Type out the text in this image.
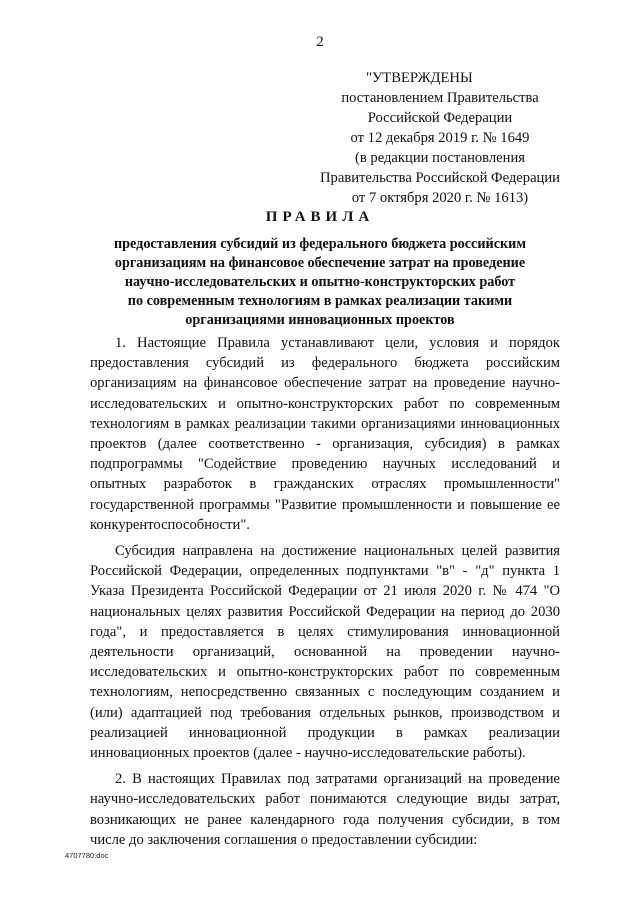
2
"УТВЕРЖДЕНЫ
постановлением Правительства
Российской Федерации
от 12 декабря 2019 г. № 1649
(в редакции постановления
Правительства Российской Федерации
от 7 октября 2020 г. № 1613)
ПРАВИЛА
предоставления субсидий из федерального бюджета российским
организациям на финансовое обеспечение затрат на проведение
научно-исследовательских и опытно-конструкторских работ
по современным технологиям в рамках реализации такими
организациями инновационных проектов

1. Настоящие Правила устанавливают цели, условия и порядок предоставления субсидий из федерального бюджета российским организациям на финансовое обеспечение затрат на проведение научно-исследовательских и опытно-конструкторских работ по современным технологиям в рамках реализации такими организациями инновационных проектов (далее соответственно - организация, субсидия) в рамках подпрограммы "Содействие проведению научных исследований и опытных разработок в гражданских отраслях промышленности" государственной программы "Развитие промышленности и повышение ее конкурентоспособности".

Субсидия направлена на достижение национальных целей развития Российской Федерации, определенных подпунктами "в" - "д" пункта 1 Указа Президента Российской Федерации от 21 июля 2020 г. № 474 "О национальных целях развития Российской Федерации на период до 2030 года", и предоставляется в целях стимулирования инновационной деятельности организаций, основанной на проведении научно-исследовательских и опытно-конструкторских работ по современным технологиям, непосредственно связанных с последующим созданием и (или) адаптацией под требования отдельных рынков, производством и реализацией инновационной продукции в рамках реализации инновационных проектов (далее - научно-исследовательские работы).

2. В настоящих Правилах под затратами организаций на проведение научно-исследовательских работ понимаются следующие виды затрат, возникающих не ранее календарного года получения субсидии, в том числе до заключения соглашения о предоставлении субсидии:

4707780.doc
